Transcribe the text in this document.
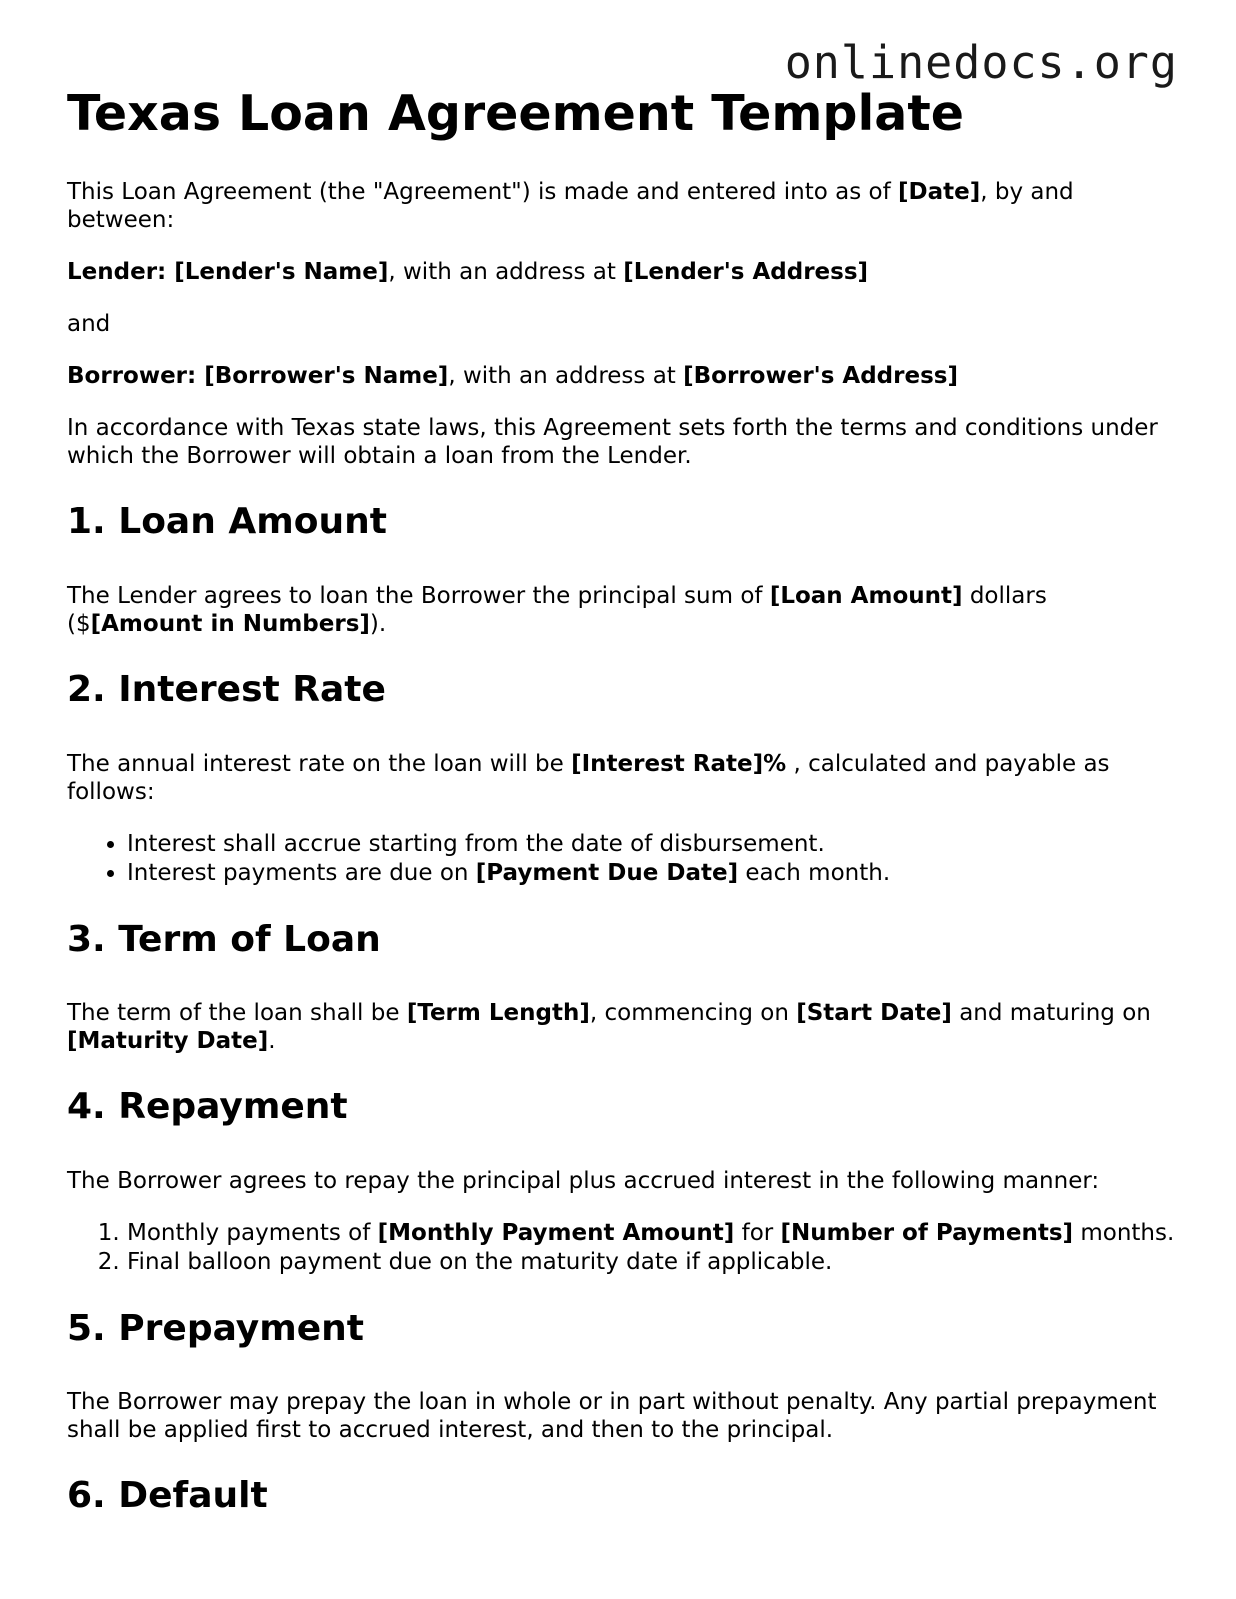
onlinedocs.org
Texas Loan Agreement Template

This Loan Agreement (the "Agreement") is made and entered into as of [Date], by and between:

Lender: [Lender's Name], with an address at [Lender's Address]

and

Borrower: [Borrower's Name], with an address at [Borrower's Address]

In accordance with Texas state laws, this Agreement sets forth the terms and conditions under which the Borrower will obtain a loan from the Lender.

1. Loan Amount

The Lender agrees to loan the Borrower the principal sum of [Loan Amount] dollars ($[Amount in Numbers]).

2. Interest Rate

The annual interest rate on the loan will be [Interest Rate]% , calculated and payable as follows:

• Interest shall accrue starting from the date of disbursement.
• Interest payments are due on [Payment Due Date] each month.
3. Term of Loan

The term of the loan shall be [Term Length], commencing on [Start Date] and maturing on [Maturity Date].

4. Repayment

The Borrower agrees to repay the principal plus accrued interest in the following manner:

1. Monthly payments of [Monthly Payment Amount] for [Number of Payments] months.
2. Final balloon payment due on the maturity date if applicable.
5. Prepayment

The Borrower may prepay the loan in whole or in part without penalty. Any partial prepayment shall be applied first to accrued interest, and then to the principal.

6. Default
